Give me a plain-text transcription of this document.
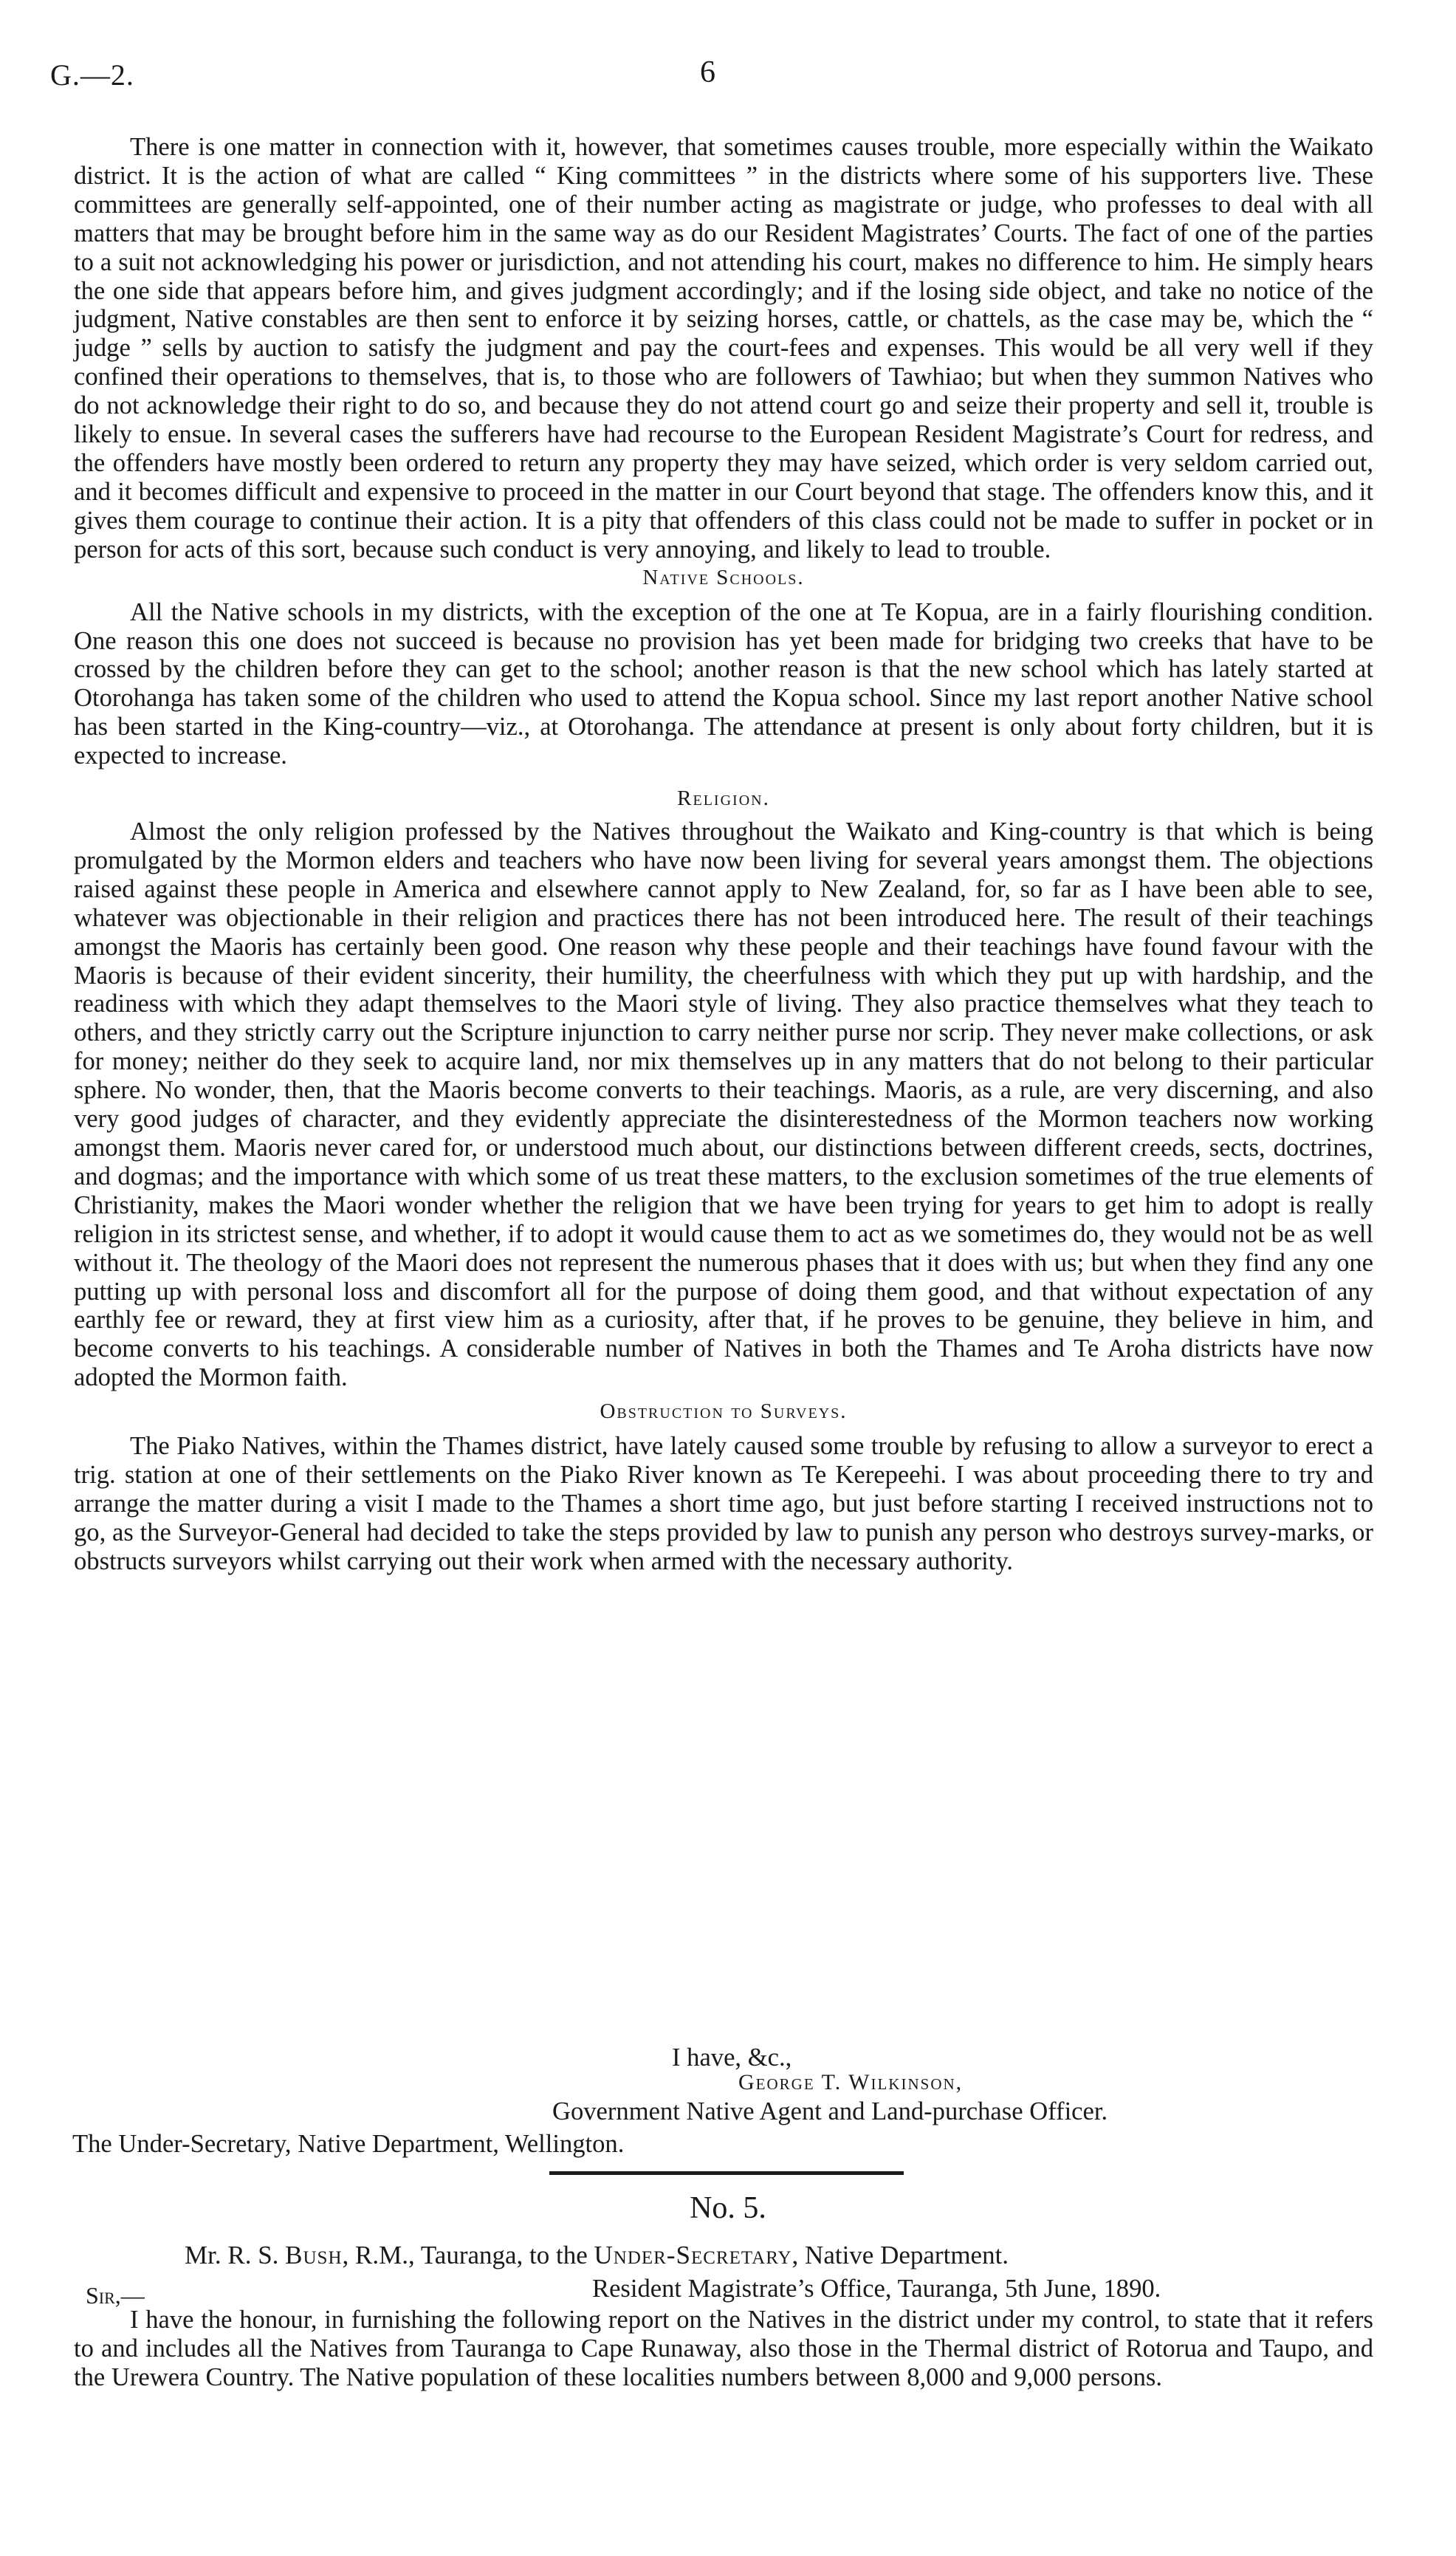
G.—2.	6

There is one matter in connection with it, however, that sometimes causes trouble, more especially within the Waikato district. It is the action of what are called “ King committees ” in the districts where some of his supporters live. These committees are generally self-appointed, one of their number acting as magistrate or judge, who professes to deal with all matters that may be brought before him in the same way as do our Resident Magistrates’ Courts. The fact of one of the parties to a suit not acknowledging his power or jurisdiction, and not attending his court, makes no difference to him. He simply hears the one side that appears before him, and gives judgment accordingly; and if the losing side object, and take no notice of the judgment, Native constables are then sent to enforce it by seizing horses, cattle, or chattels, as the case may be, which the “ judge ” sells by auction to satisfy the judgment and pay the court-fees and expenses. This would be all very well if they confined their operations to themselves, that is, to those who are followers of Tawhiao; but when they summon Natives who do not acknowledge their right to do so, and because they do not attend court go and seize their property and sell it, trouble is likely to ensue. In several cases the sufferers have had recourse to the European Resident Magistrate’s Court for redress, and the offenders have mostly been ordered to return any property they may have seized, which order is very seldom carried out, and it becomes difficult and expensive to proceed in the matter in our Court beyond that stage. The offenders know this, and it gives them courage to continue their action. It is a pity that offenders of this class could not be made to suffer in pocket or in person for acts of this sort, because such conduct is very annoying, and likely to lead to trouble.

Native Schools.

All the Native schools in my districts, with the exception of the one at Te Kopua, are in a fairly flourishing condition. One reason this one does not succeed is because no provision has yet been made for bridging two creeks that have to be crossed by the children before they can get to the school; another reason is that the new school which has lately started at Otorohanga has taken some of the children who used to attend the Kopua school. Since my last report another Native school has been started in the King-country—viz., at Otorohanga. The attendance at present is only about forty children, but it is expected to increase.

Religion.

Almost the only religion professed by the Natives throughout the Waikato and King-country is that which is being promulgated by the Mormon elders and teachers who have now been living for several years amongst them. The objections raised against these people in America and elsewhere cannot apply to New Zealand, for, so far as I have been able to see, whatever was objectionable in their religion and practices there has not been introduced here. The result of their teachings amongst the Maoris has certainly been good. One reason why these people and their teachings have found favour with the Maoris is because of their evident sincerity, their humility, the cheerfulness with which they put up with hardship, and the readiness with which they adapt themselves to the Maori style of living. They also practice themselves what they teach to others, and they strictly carry out the Scripture injunction to carry neither purse nor scrip. They never make collections, or ask for money; neither do they seek to acquire land, nor mix themselves up in any matters that do not belong to their particular sphere. No wonder, then, that the Maoris become converts to their teachings. Maoris, as a rule, are very discerning, and also very good judges of character, and they evidently appreciate the disinterestedness of the Mormon teachers now working amongst them. Maoris never cared for, or understood much about, our distinctions between different creeds, sects, doctrines, and dogmas; and the importance with which some of us treat these matters, to the exclusion sometimes of the true elements of Christianity, makes the Maori wonder whether the religion that we have been trying for years to get him to adopt is really religion in its strictest sense, and whether, if to adopt it would cause them to act as we sometimes do, they would not be as well without it. The theology of the Maori does not represent the numerous phases that it does with us; but when they find any one putting up with personal loss and discomfort all for the purpose of doing them good, and that without expectation of any earthly fee or reward, they at first view him as a curiosity, after that, if he proves to be genuine, they believe in him, and become converts to his teachings. A considerable number of Natives in both the Thames and Te Aroha districts have now adopted the Mormon faith.

Obstruction to Surveys.

The Piako Natives, within the Thames district, have lately caused some trouble by refusing to allow a surveyor to erect a trig. station at one of their settlements on the Piako River known as Te Kerepeehi. I was about proceeding there to try and arrange the matter during a visit I made to the Thames a short time ago, but just before starting I received instructions not to go, as the Surveyor-General had decided to take the steps provided by law to punish any person who destroys survey-marks, or obstructs surveyors whilst carrying out their work when armed with the necessary authority.

I have, &c.,
George T. Wilkinson,
Government Native Agent and Land-purchase Officer.
The Under-Secretary, Native Department, Wellington.
No. 5.
Mr. R. S. Bush, R.M., Tauranga, to the Under-Secretary, Native Department.
Sir,—	Resident Magistrate’s Office, Tauranga, 5th June, 1890.

I have the honour, in furnishing the following report on the Natives in the district under my control, to state that it refers to and includes all the Natives from Tauranga to Cape Runaway, also those in the Thermal district of Rotorua and Taupo, and the Urewera Country. The Native population of these localities numbers between 8,000 and 9,000 persons.
